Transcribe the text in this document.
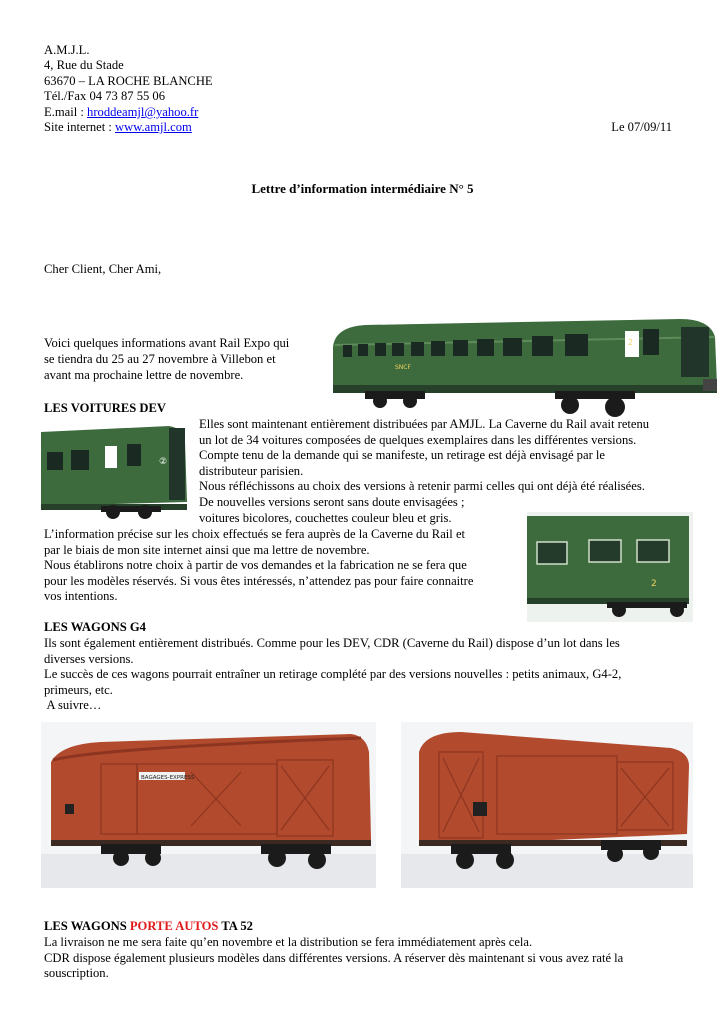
A.M.J.L.
4, Rue du Stade
63670 – LA ROCHE BLANCHE
Tél./Fax 04 73 87 55 06
E.mail : hroddeamjl@yahoo.fr
Site internet : www.amjl.com	Le 07/09/11
Lettre d’information intermédiaire N° 5
Cher Client, Cher Ami,
Voici quelques informations avant Rail Expo qui
se tiendra du 25 au 27 novembre à Villebon et
avant ma prochaine lettre de novembre.
SNCF
2
LES VOITURES DEV
②
Elles sont maintenant entièrement distribuées par AMJL. La Caverne du Rail avait retenu
un lot de 34 voitures composées de quelques exemplaires dans les différentes versions.
Compte tenu de la demande qui se manifeste, un retirage est déjà envisagé par le
distributeur parisien.
Nous réfléchissons au choix des versions à retenir parmi celles qui ont déjà été réalisées.
De nouvelles versions seront sans doute envisagées ;
voitures bicolores, couchettes couleur bleu et gris.
2
L’information précise sur les choix effectués se fera auprès de la Caverne du Rail et
par le biais de mon site internet ainsi que ma lettre de novembre.
Nous établirons notre choix à partir de vos demandes et la fabrication ne se fera que
pour les modèles réservés. Si vous êtes intéressés, n’attendez pas pour faire connaitre
vos intentions.
LES WAGONS G4
Ils sont également entièrement distribués. Comme pour les DEV, CDR (Caverne du Rail) dispose d’un lot dans les
diverses versions.
Le succès de ces wagons pourrait entraîner un retirage complété par des versions nouvelles : petits animaux, G4-2,
primeurs, etc.
A suivre…
BAGAGES-EXPRESS
LES WAGONS PORTE AUTOS TA 52
La livraison ne me sera faite qu’en novembre et la distribution se fera immédiatement après cela.
CDR dispose également plusieurs modèles dans différentes versions. A réserver dès maintenant si vous avez raté la
souscription.
